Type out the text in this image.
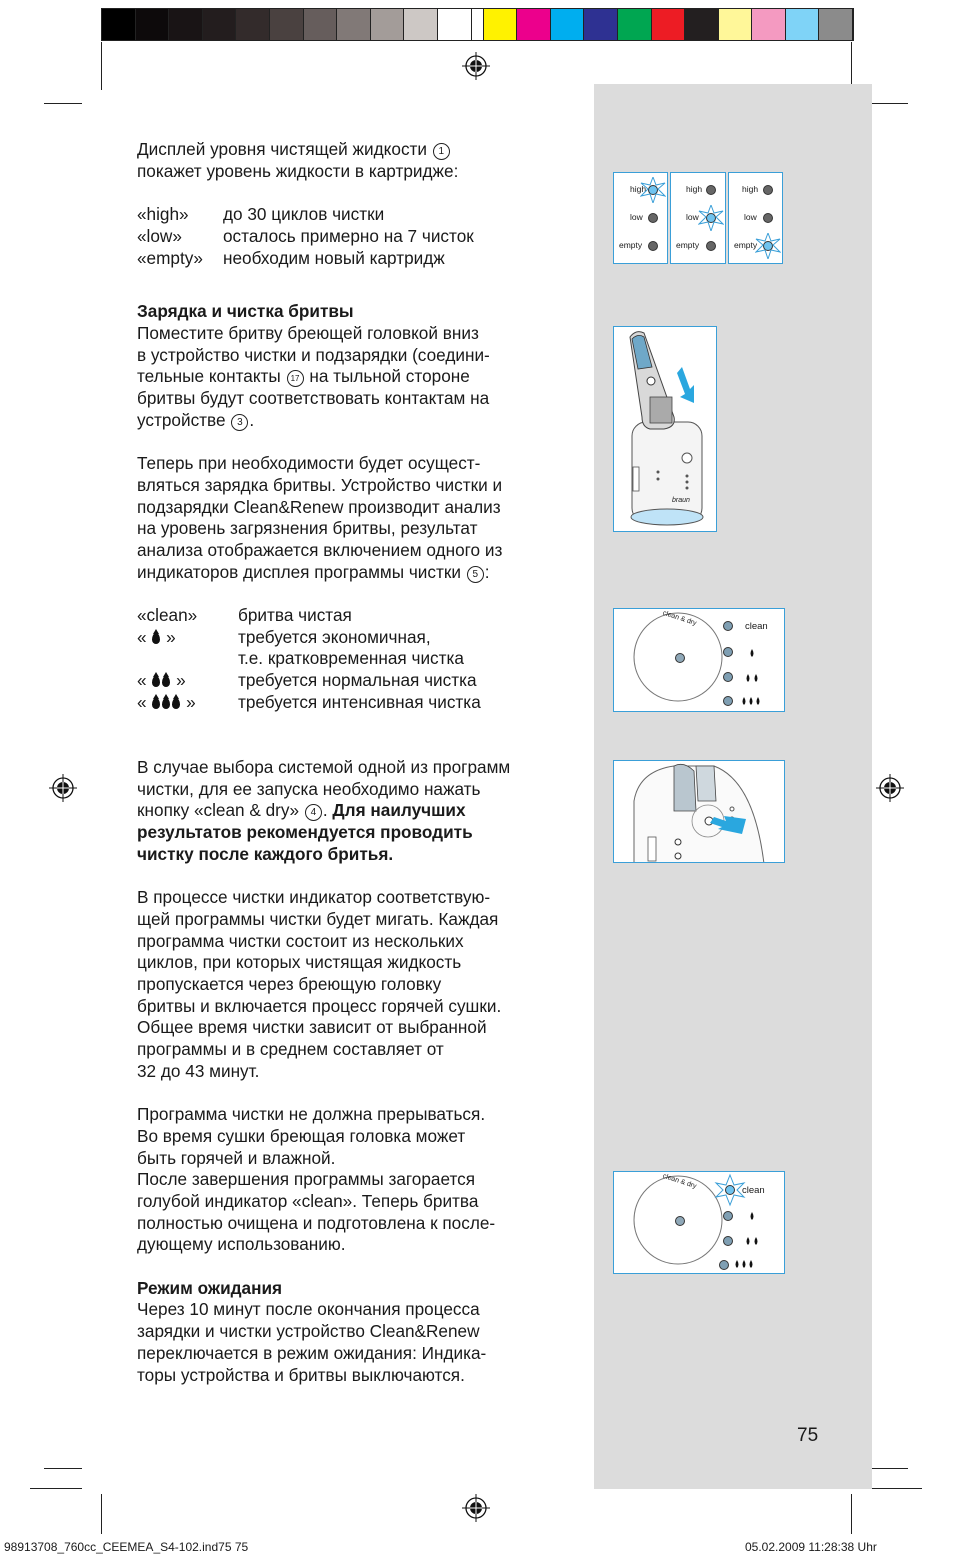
high
low
empty
high
low
empty
high
low
empty
braun
clean
clean & dry
clean
clean & dry

Дисплей уровня чистящей жидкости 1

покажет уровень жидкости в картридже:

«high»	до 30 циклов чистки
«low»	осталось примерно на 7 чисток
«empty»	необходим новый картридж

Зарядка и чистка бритвы

Поместите бритву бреющей головкой вниз

в устройство чистки и подзарядки (соедини-

тельные контакты 17 на тыльной стороне

бритвы будут соответствовать контактам на

устройстве 3 .

Теперь при необходимости будет осущест-

вляться зарядка бритвы. Устройство чистки и

подзарядки Clean&Renew производит анализ

на уровень загрязнения бритвы, результат

анализа отображается включением одного из

индикаторов дисплея программы чистки 5 :

«clean»	бритва чистая
« »	требуется экономичная,
т.е. кратковременная чистка
« »	требуется нормальная чистка
« »	требуется интенсивная чистка

В случае выбора системой одной из программ

чистки, для ее запуска необходимо нажать

кнопку «clean & dry» 4 . Для наилучших

результатов рекомендуется проводить

чистку после каждого бритья.

В процессе чистки индикатор соответствую-

щей программы чистки будет мигать. Каждая

программа чистки состоит из нескольких

циклов, при которых чистящая жидкость

пропускается через бреющую головку

бритвы и включается процесс горячей сушки.

Общее время чистки зависит от выбранной

программы и в среднем составляет от

32 до 43 минут.

Программа чистки не должна прерываться.

Во время сушки бреющая головка может

быть горячей и влажной.

После завершения программы загорается

голубой индикатор «clean». Теперь бритва

полностью очищена и подготовлена к после-

дующему использованию.

Режим ожидания

Через 10 минут после окончания процесса

зарядки и чистки устройство Clean&Renew

переключается в режим ожидания: Индика-

торы устройства и бритвы выключаются.

75
98913708_760cc_CEEMEA_S4-102.ind75 75	05.02.2009 11:28:38 Uhr
